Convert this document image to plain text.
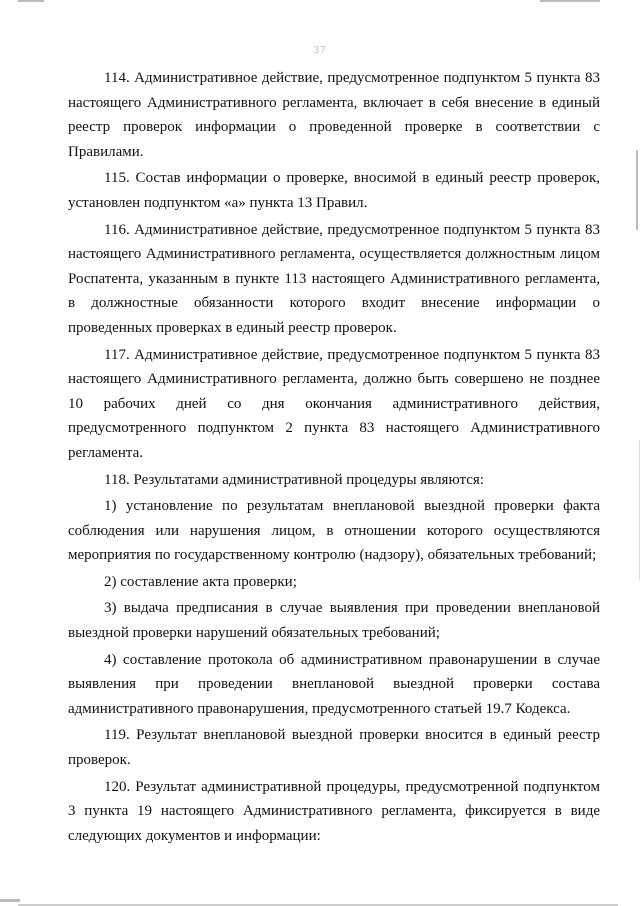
37

114. Административное действие, предусмотренное подпунктом 5 пункта 83 настоящего Административного регламента, включает в себя внесение в единый реестр проверок информации о проведенной проверке в соответствии с Правилами.

115. Состав информации о проверке, вносимой в единый реестр проверок, установлен подпунктом «а» пункта 13 Правил.

116. Административное действие, предусмотренное подпунктом 5 пункта 83 настоящего Административного регламента, осуществляется должностным лицом Роспатента, указанным в пункте 113 настоящего Административного регламента, в должностные обязанности которого входит внесение информации о проведенных проверках в единый реестр проверок.

117. Административное действие, предусмотренное подпунктом 5 пункта 83 настоящего Административного регламента, должно быть совершено не позднее 10 рабочих дней со дня окончания административного действия, предусмотренного подпунктом 2 пункта 83 настоящего Административного регламента.

118. Результатами административной процедуры являются:

1) установление по результатам внеплановой выездной проверки факта соблюдения или нарушения лицом, в отношении которого осуществляются мероприятия по государственному контролю (надзору), обязательных требований;

2) составление акта проверки;

3) выдача предписания в случае выявления при проведении внеплановой выездной проверки нарушений обязательных требований;

4) составление протокола об административном правонарушении в случае выявления при проведении внеплановой выездной проверки состава административного правонарушения, предусмотренного статьей 19.7 Кодекса.

119. Результат внеплановой выездной проверки вносится в единый реестр проверок.

120. Результат административной процедуры, предусмотренной подпунктом 3 пункта 19 настоящего Административного регламента, фиксируется в виде следующих документов и информации:
